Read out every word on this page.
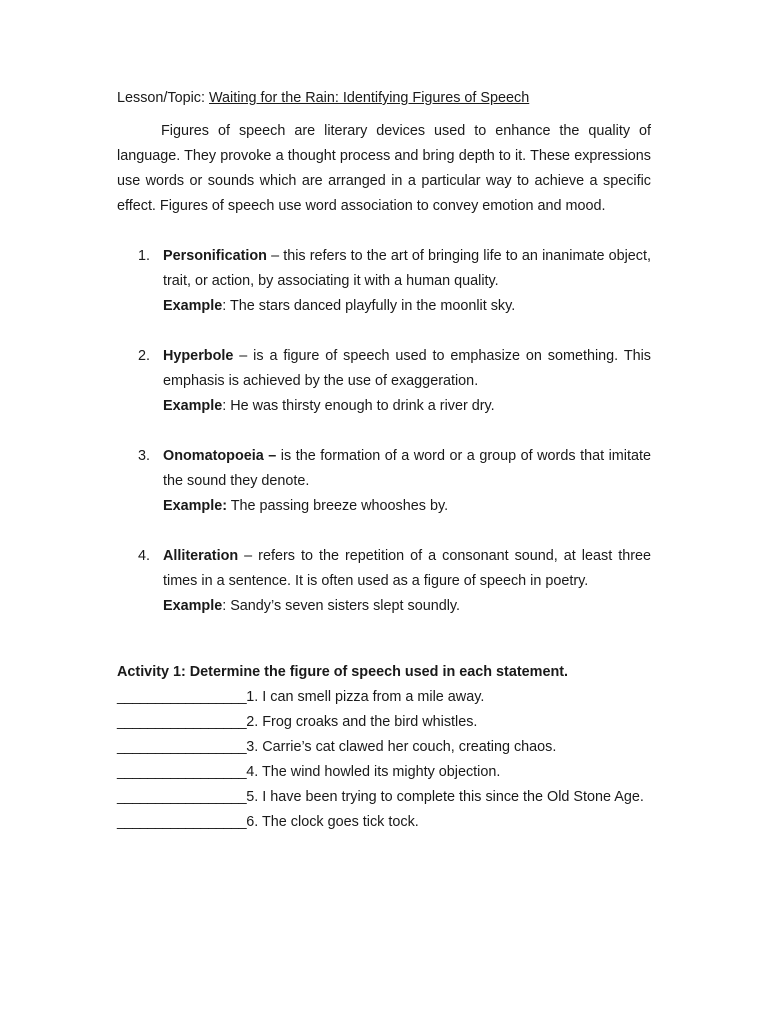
Lesson/Topic: Waiting for the Rain: Identifying Figures of Speech

Figures of speech are literary devices used to enhance the quality of language. They provoke a thought process and bring depth to it. These expressions use words or sounds which are arranged in a particular way to achieve a specific effect. Figures of speech use word association to convey emotion and mood.

1. Personification – this refers to the art of bringing life to an inanimate object, trait, or action, by associating it with a human quality.
Example: The stars danced playfully in the moonlit sky.
2. Hyperbole – is a figure of speech used to emphasize on something. This emphasis is achieved by the use of exaggeration.
Example: He was thirsty enough to drink a river dry.
3. Onomatopoeia – is the formation of a word or a group of words that imitate the sound they denote.
Example: The passing breeze whooshes by.
4. Alliteration – refers to the repetition of a consonant sound, at least three times in a sentence. It is often used as a figure of speech in poetry.
Example: Sandy’s seven sisters slept soundly.

Activity 1: Determine the figure of speech used in each statement.

_________________1. I can smell pizza from a mile away.

_________________2. Frog croaks and the bird whistles.

_________________3. Carrie’s cat clawed her couch, creating chaos.

_________________4. The wind howled its mighty objection.

_________________5. I have been trying to complete this since the Old Stone Age.

_________________6. The clock goes tick tock.
